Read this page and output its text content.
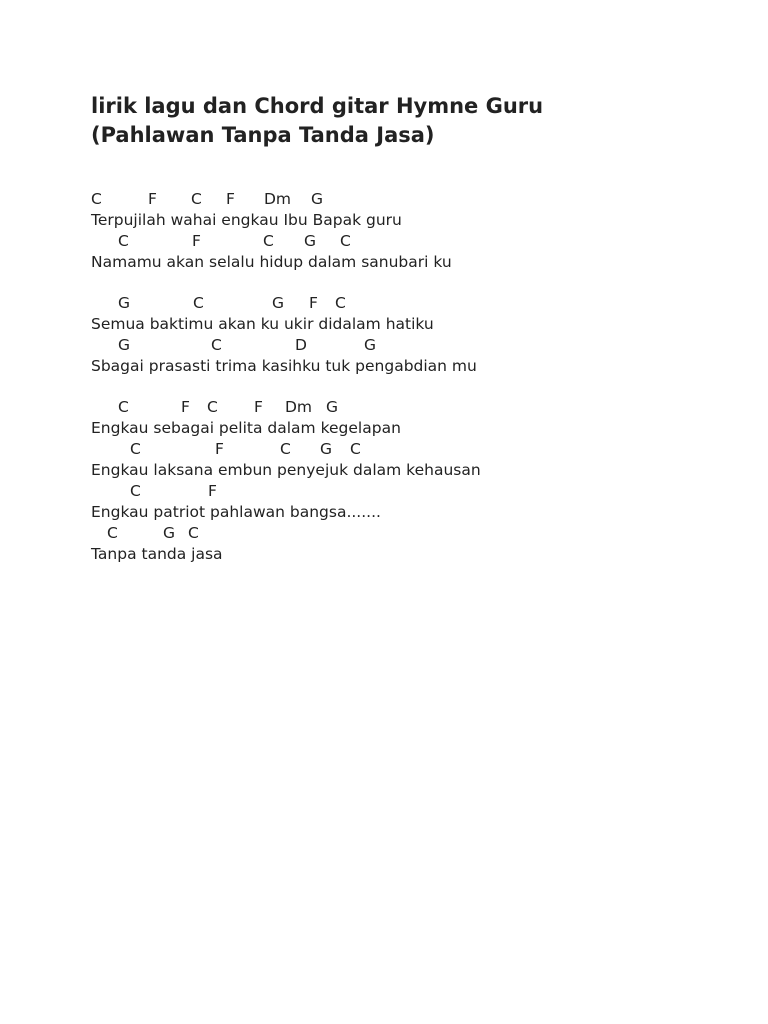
lirik lagu dan Chord gitar Hymne Guru
(Pahlawan Tanpa Tanda Jasa)

C

	F

C

F

Dm

G

Terpujilah wahai engkau Ibu Bapak guru

C

	F

	C

G

C

Namamu akan selalu hidup dalam sanubari ku

G

	C

	G

F

C

Semua baktimu akan ku ukir didalam hatiku

G

	C

	D

	G

Sbagai prasasti trima kasihku tuk pengabdian mu

C

	F

C

F

Dm

G

Engkau sebagai pelita dalam kegelapan

C

	F

	C

G

C

Engkau laksana embun penyejuk dalam kehausan

C

	F

Engkau patriot pahlawan bangsa.......

C

	G

C

Tanpa tanda jasa
